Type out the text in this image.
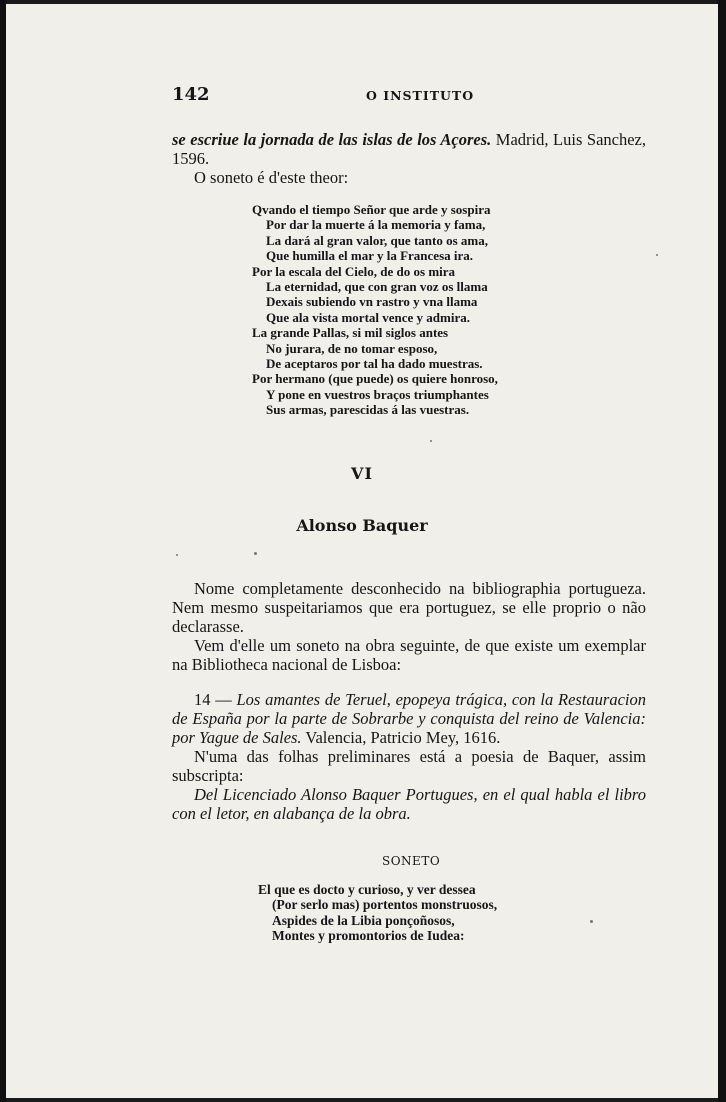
142	O INSTITUTO
se escriue la jornada de las islas de los Açores. Madrid, Luis Sanchez, 1596.
O soneto é d'este theor:
Qvando el tiempo Señor que arde y sospira
Por dar la muerte á la memoria y fama,
La dará al gran valor, que tanto os ama,
Que humilla el mar y la Francesa ira.
Por la escala del Cielo, de do os mira
La eternidad, que con gran voz os llama
Dexais subiendo vn rastro y vna llama
Que ala vista mortal vence y admira.
La grande Pallas, si mil siglos antes
No jurara, de no tomar esposo,
De aceptaros por tal ha dado muestras.
Por hermano (que puede) os quiere honroso,
Y pone en vuestros braços triumphantes
Sus armas, parescidas á las vuestras.
VI
Alonso Baquer
Nome completamente desconhecido na bibliographia portugueza. Nem mesmo suspeitariamos que era portuguez, se elle proprio o não declarasse.
Vem d'elle um soneto na obra seguinte, de que existe um exemplar na Bibliotheca nacional de Lisboa:
14 — Los amantes de Teruel, epopeya trágica, con la Restauracion de España por la parte de Sobrarbe y conquista del reino de Valencia: por Yague de Sales. Valencia, Patricio Mey, 1616.
N'uma das folhas preliminares está a poesia de Baquer, assim subscripta:
Del Licenciado Alonso Baquer Portugues, en el qual habla el libro con el letor, en alabança de la obra.
SONETO
El que es docto y curioso, y ver dessea
(Por serlo mas) portentos monstruosos,
Aspides de la Libia ponçoñosos,
Montes y promontorios de Iudea:
